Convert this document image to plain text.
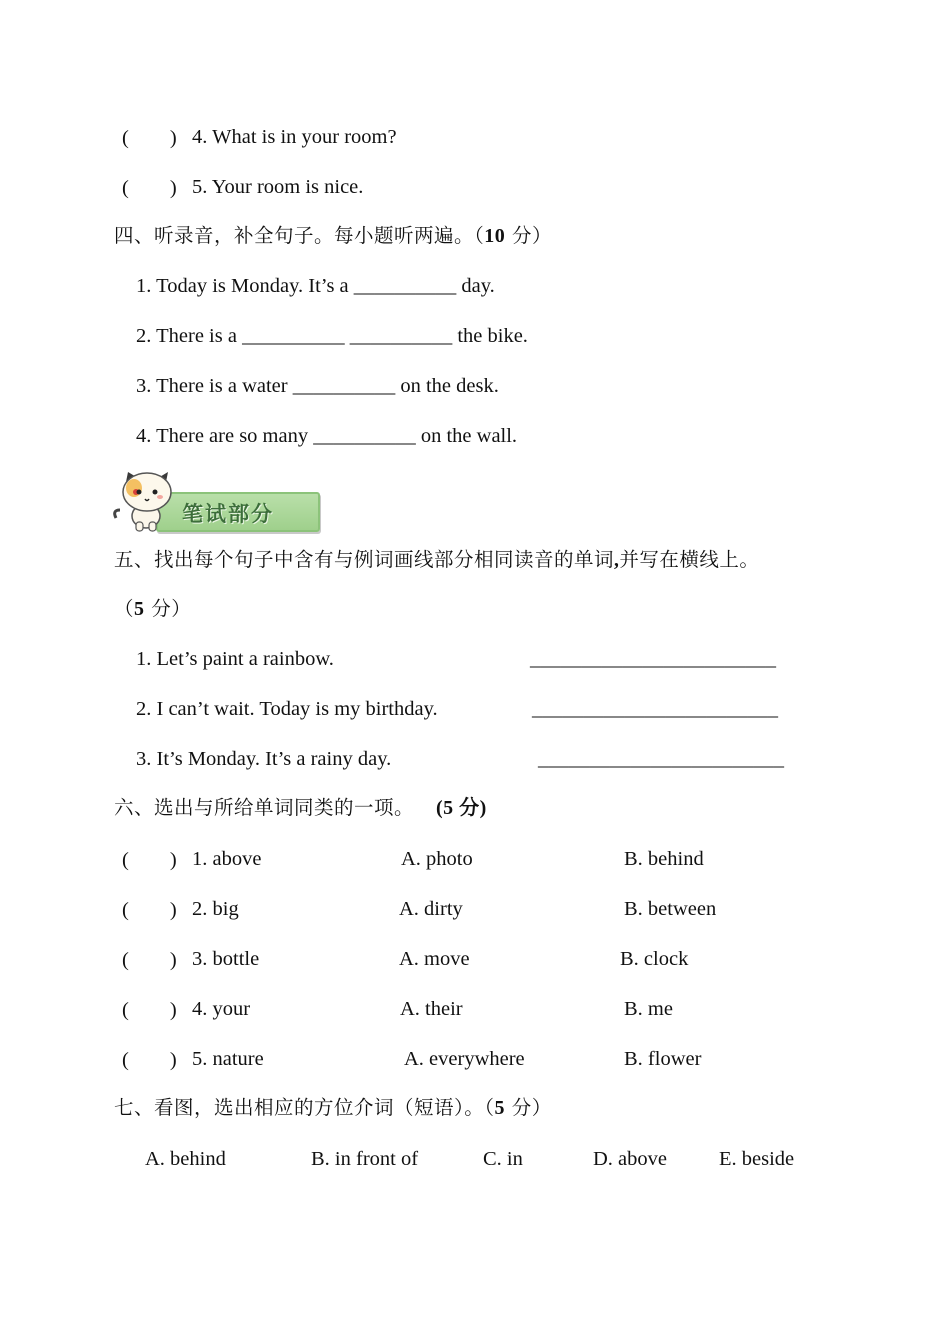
(        ) 4. What is in your room?
(        ) 5. Your room is nice.
四、听录音，补全句子。每小题听两遍。（10 分）
1. Today is Monday. It’s a __________ day.
2. There is a __________ __________ the bike.
3. There is a water __________ on the desk.
4. There are so many __________ on the wall.
笔试部分
五、找出每个句子中含有与例词画线部分相同读音的单词,并写在横线上。
（5 分）
1. Let’s paint a rainbow.	________________________
2. I can’t wait. Today is my birthday.	________________________
3. It’s Monday. It’s a rainy day.	________________________
六、选出与所给单词同类的一项。 (5 分)
(        ) 1. above	A. photo	B. behind
(        ) 2. big	A. dirty	B. between
(        ) 3. bottle	A. move	B. clock
(        ) 4. your	A. their	B. me
(        ) 5. nature	A. everywhere	B. flower
七、看图，选出相应的方位介词（短语）。（5 分）
A. behind	B. in front of	C. in	D. above	E. beside
